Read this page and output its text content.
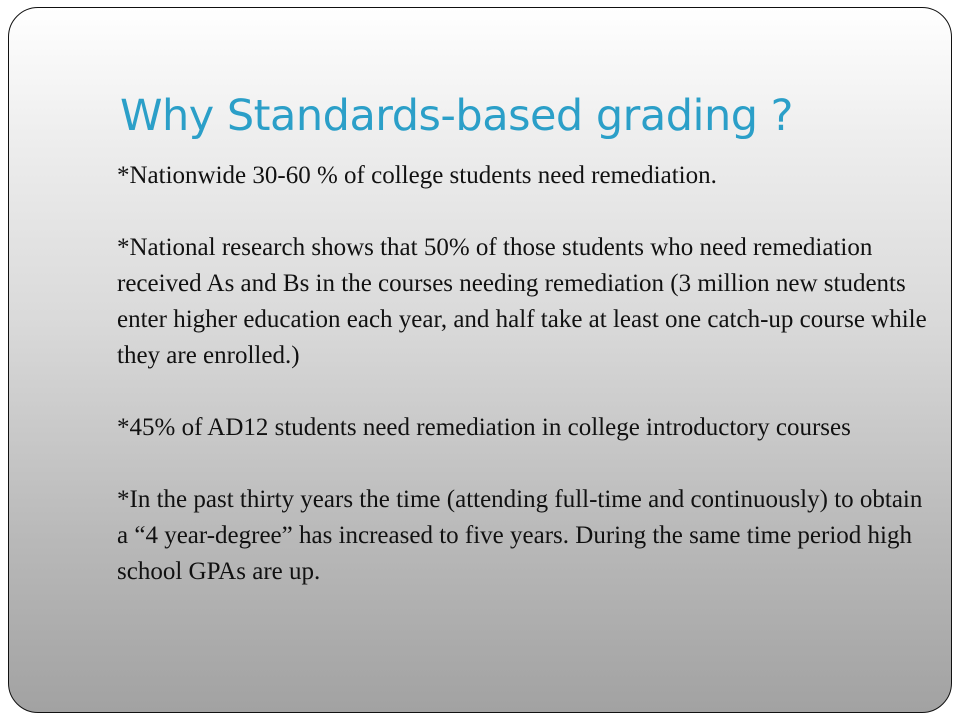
Why Standards-based grading ?

*Nationwide 30-60 % of college students need remediation.

*National research shows that 50% of those students who need remediation received As and Bs in the courses needing remediation (3 million new students enter higher education each year, and half take at least one catch-up course while they are enrolled.)

*45% of AD12 students need remediation in college introductory courses

*In the past thirty years the time (attending full-time and continuously) to obtain a “4 year-degree” has increased to five years. During the same time period high school GPAs are up.
